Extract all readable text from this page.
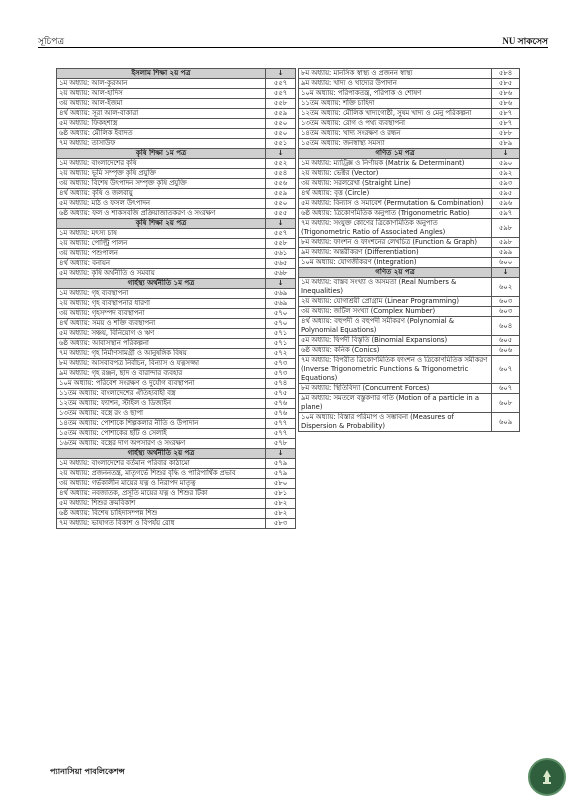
সূচিপত্র	NU সাকসেস
ইসলাম শিক্ষা ২য় পত্র	↓
১ম অধ্যায়: আল-কুরআন	৫৫৭
২য় অধ্যায়: আল-হাদিস	৫৫৭
৩য় অধ্যায়: আল-ইজমা	৫৫৮
৪র্থ অধ্যায়: সূরা আল-বাকারা	৫৫৯
৫ম অধ্যায়: ফিকহশাস্ত্র	৫৫০
৬ষ্ঠ অধ্যায়: মৌলিক ইবাদত	৫৫০
৭ম অধ্যায়: তাসাউফ	৫৫১
কৃষি শিক্ষা ১ম পত্র	↓
১ম অধ্যায়: বাংলাদেশের কৃষি	৫৫২
২য় অধ্যায়: ভূমি সম্পৃক্ত কৃষি প্রযুক্তি	৫৫৪
৩য় অধ্যায়: বিশেষ উৎপাদন সম্পৃক্ত কৃষি প্রযুক্তি	৫৫৬
৪র্থ অধ্যায়: কৃষি ও জলবায়ু	৫৫৯
৫ম অধ্যায়: মাঠ ও ফসল উৎপাদন	৫৫০
৬ষ্ঠ অধ্যায়: ফল ও শাকসবজি প্রক্রিয়াজাতকরণ ও সংরক্ষণ	৫৫৫
কৃষি শিক্ষা ২য় পত্র	↓
১ম অধ্যায়: মৎস্য চাষ	৫৫৭
২য় অধ্যায়: পোল্ট্রি পালন	৫৫৮
৩য় অধ্যায়: পশুপালন	৫৬১
৪র্থ অধ্যায়: বনায়ন	৫৬৫
৫ম অধ্যায়: কৃষি অর্থনীতি ও সমবায়	৫৬৮
গার্হস্থ্য অর্থনীতি ১ম পত্র	↓
১ম অধ্যায়: গৃহ ব্যবস্থাপনা	৫৬৯
২য় অধ্যায়: গৃহ ব্যবস্থাপনার ধারণা	৫৬৯
৩য় অধ্যায়: গৃহসম্পদ ব্যবস্থাপনা	৫৭০
৪র্থ অধ্যায়: সময় ও শক্তি ব্যবস্থাপনা	৫৭০
৫ম অধ্যায়: সঞ্চয়, বিনিয়োগ ও ঋণ	৫৭১
৬ষ্ঠ অধ্যায়: আবাসস্থান পরিকল্পনা	৫৭১
৭ম অধ্যায়: গৃহ নির্মাণসামগ্রী ও আনুষঙ্গিক বিষয়	৫৭২
৮ম অধ্যায়: আসবাবপত্র নির্বাচন, বিন্যাস ও যত্নসজ্জা	৫৭৩
৯ম অধ্যায়: গৃহ রঞ্জন, ছাদ ও বারান্দার ব্যবহার	৫৭৩
১০ম অধ্যায়: পরিবেশ সংরক্ষণ ও দুর্যোগ ব্যবস্থাপনা	৫৭৪
১১তম অধ্যায়: বাংলাদেশের ঐতিহ্যবাহী বস্ত্র	৫৭৫
১২তম অধ্যায়: ফ্যাশন, স্টাইল ও ডিজাইন	৫৭৬
১৩তম অধ্যায়: বস্ত্রে রং ও ছাপা	৫৭৬
১৪তম অধ্যায়: পোশাকে শিল্পকলার নীতি ও উপাদান	৫৭৭
১৫তম অধ্যায়: পোশাকের ছাঁট ও সেলাই	৫৭৭
১৬তম অধ্যায়: বস্ত্রের দাগ অপসারণ ও সংরক্ষণ	৫৭৮
গার্হস্থ্য অর্থনীতি ২য় পত্র	↓
১ম অধ্যায়: বাংলাদেশের বর্তমান পরিবার কাঠামো	৫৭৯
২য় অধ্যায়: প্রজননতন্ত্র, মাতৃগর্ভে শিশুর বৃদ্ধি ও পারিপার্শ্বিক প্রভাব	৫৭৯
৩য় অধ্যায়: গর্ভকালীন মায়ের যত্ন ও নিরাপদ মাতৃত্ব	৫৮০
৪র্থ অধ্যায়: নবজাতক, প্রসূতি মায়ের যত্ন ও শিশুর টিকা	৫৮১
৫ম অধ্যায়: শিশুর ক্রমবিকাশ	৫৮২
৬ষ্ঠ অধ্যায়: বিশেষ চাহিদাসম্পন্ন শিশু	৫৮২
৭ম অধ্যায়: ভাষাগত বিকাশ ও বিপর্যয় রোধ	৫৮৩
৮ম অধ্যায়: মানসিক স্বাস্থ্য ও প্রজনন স্বাস্থ্য	৫৮৪
৯ম অধ্যায়: খাদ্য ও খাদ্যের উপাদান	৫৮৫
১০ম অধ্যায়: পরিপাকতন্ত্র, পরিপাক ও শোষণ	৫৮৬
১১তম অধ্যায়: শক্তি চাহিদা	৫৮৬
১২তম অধ্যায়: মৌলিক খাদ্যগোষ্ঠী, সুষম খাদ্য ও মেনু পরিকল্পনা	৫৮৭
১৩তম অধ্যায়: রোগ ও পথ্য ব্যবস্থাপনা	৫৮৭
১৪তম অধ্যায়: খাদ্য সংরক্ষণ ও রন্ধন	৫৮৮
১৫তম অধ্যায়: জনস্বাস্থ্য সমস্যা	৫৮৯
গণিত ১ম পত্র	↓
১ম অধ্যায়: ম্যাট্রিক্স ও নির্ণায়ক (Matrix & Determinant)	৫৯০
২য় অধ্যায়: ভেক্টর (Vector)	৫৯২
৩য় অধ্যায়: সরলরেখা (Straight Line)	৫৯৩
৪র্থ অধ্যায়: বৃত্ত (Circle)	৫৯৫
৫ম অধ্যায়: বিন্যাস ও সমাবেশ (Permutation & Combination)	৫৯৬
৬ষ্ঠ অধ্যায়: ত্রিকোণমিতিক অনুপাত (Trigonometric Ratio)	৫৯৭
৭ম অধ্যায়: সংযুক্ত কোণের ত্রিকোণমিতিক অনুপাত (Trigonometric Ratio of Associated Angles)	৫৯৮
৮ম অধ্যায়: ফাংশন ও ফাংশনের লেখচিত্র (Function & Graph)	৫৯৮
৯ম অধ্যায়: অন্তরীকরণ (Differentiation)	৫৯৯
১০ম অধ্যায়: যোগজীকরণ (Integration)	৬০০
গণিত ২য় পত্র	↓
১ম অধ্যায়: বাস্তব সংখ্যা ও অসমতা (Real Numbers & Inequalities)	৬০২
২য় অধ্যায়: যোগাশ্রয়ী প্রোগ্রাম (Linear Programming)	৬০৩
৩য় অধ্যায়: জটিল সংখ্যা (Complex Number)	৬০৩
৪র্থ অধ্যায়: বহুপদী ও বহুপদী সমীকরণ (Polynomial & Polynomial Equations)	৬০৪
৫ম অধ্যায়: দ্বিপদী বিস্তৃতি (Binomial Expansions)	৬০৫
৬ষ্ঠ অধ্যায়: কনিক (Conics)	৬০৬
৭ম অধ্যায়: বিপরীত ত্রিকোণমিতিক ফাংশন ও ত্রিকোণমিতিক সমীকরণ (Inverse Trigonometric Functions & Trigonometric Equations)	৬০৭
৮ম অধ্যায়: স্থিতিবিদ্যা (Concurrent Forces)	৬০৭
৯ম অধ্যায়: সমতলে বস্তুকণার গতি (Motion of a particle in a plane)	৬০৮
১০ম অধ্যায়: বিস্তার পরিমাপ ও সম্ভাবনা (Measures of Dispersion & Probability)	৬০৯
প্যানাসিয়া পাবলিকেশন্স
